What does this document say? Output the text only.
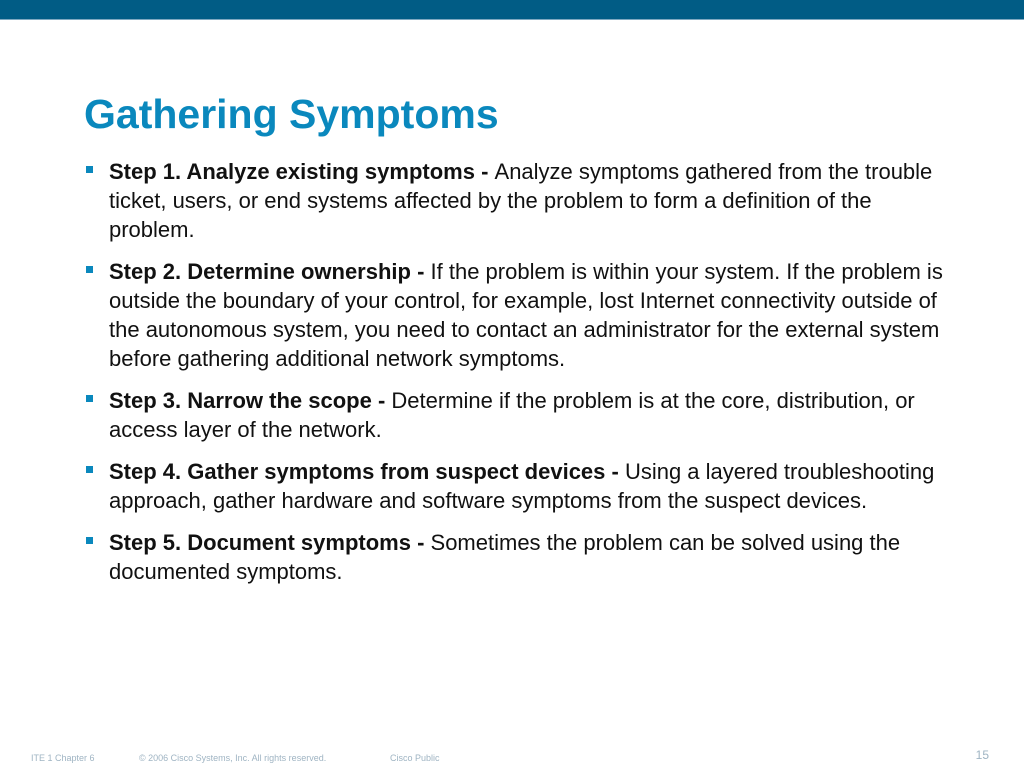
Gathering Symptoms
Step 1. Analyze existing symptoms - Analyze symptoms gathered from the trouble ticket, users, or end systems affected by the problem to form a definition of the problem.
Step 2. Determine ownership - If the problem is within your system. If the problem is outside the boundary of your control, for example, lost Internet connectivity outside of the autonomous system, you need to contact an administrator for the external system before gathering additional network symptoms.
Step 3. Narrow the scope - Determine if the problem is at the core, distribution, or access layer of the network.
Step 4. Gather symptoms from suspect devices - Using a layered troubleshooting approach, gather hardware and software symptoms from the suspect devices.
Step 5. Document symptoms - Sometimes the problem can be solved using the documented symptoms.
ITE 1 Chapter 6	© 2006 Cisco Systems, Inc. All rights reserved.	Cisco Public	15
